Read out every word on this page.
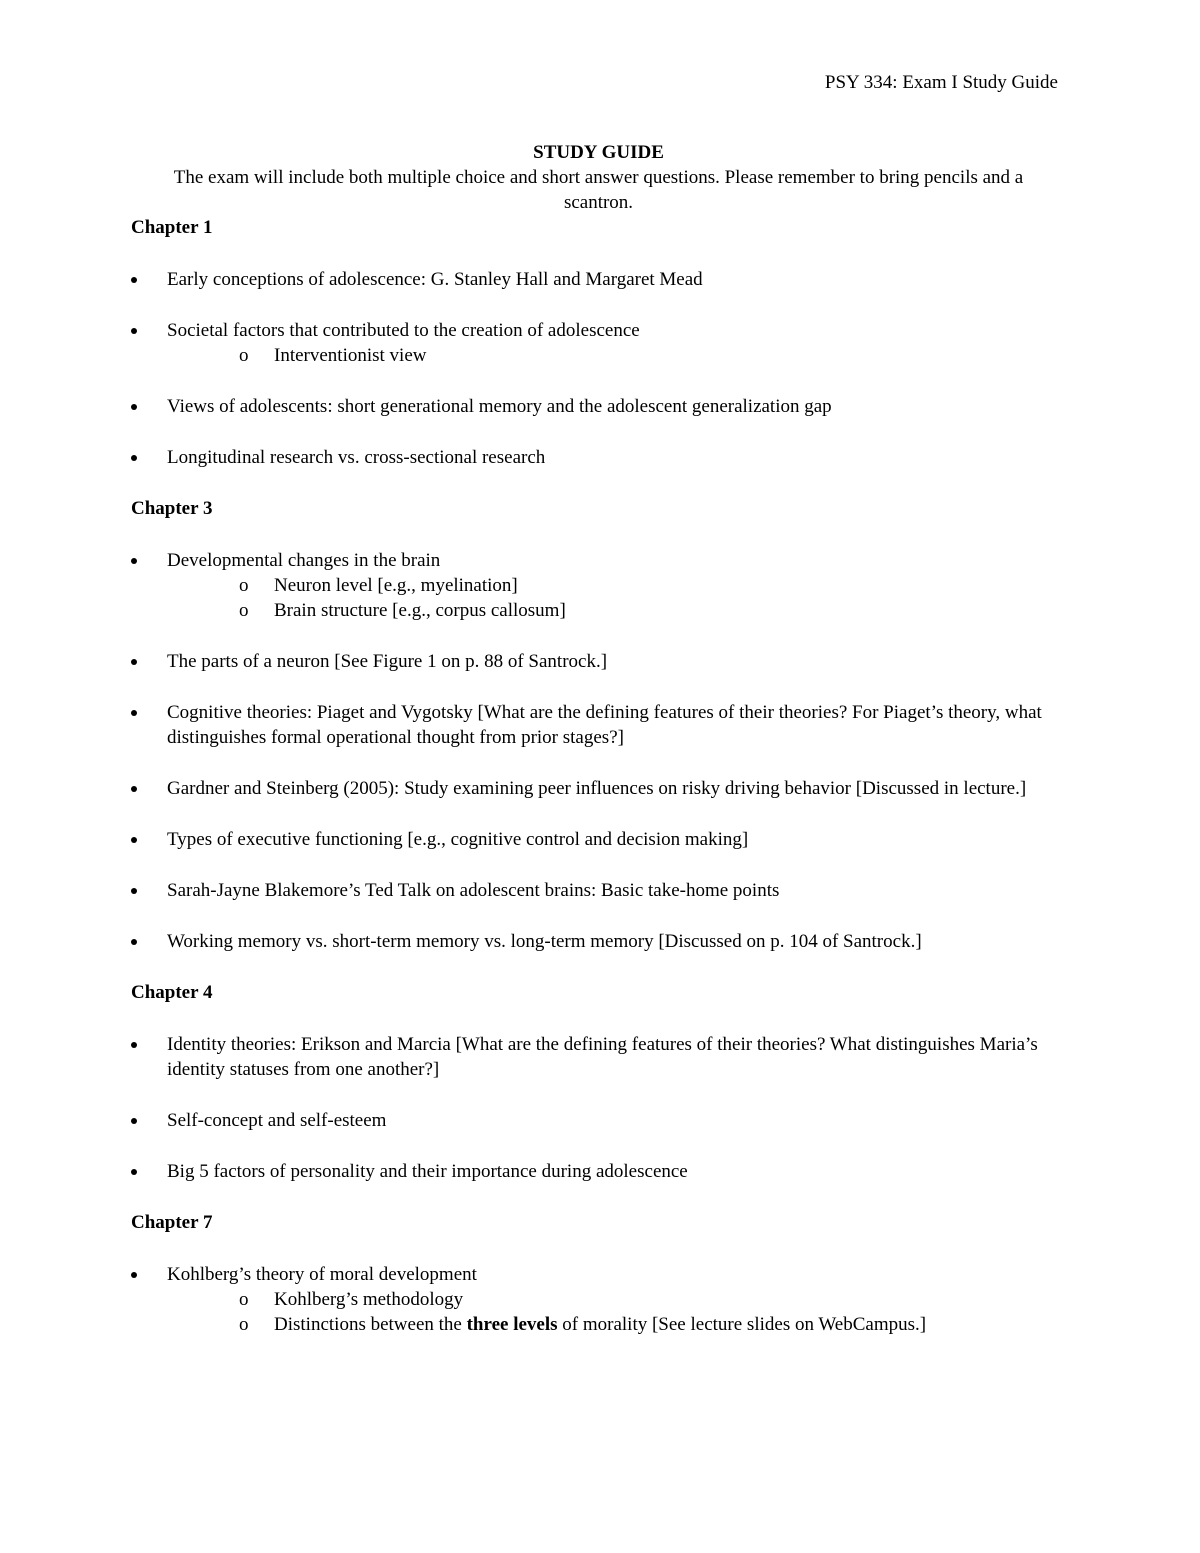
PSY 334: Exam I Study Guide

STUDY GUIDE

The exam will include both multiple choice and short answer questions. Please remember to bring pencils and a scantron.

Chapter 1

Early conceptions of adolescence: G. Stanley Hall and Margaret Mead
Societal factors that contributed to the creation of adolescence
o Interventionist view
Views of adolescents: short generational memory and the adolescent generalization gap
Longitudinal research vs. cross-sectional research

Chapter 3

Developmental changes in the brain
o Neuron level [e.g., myelination]
o Brain structure [e.g., corpus callosum]
The parts of a neuron [See Figure 1 on p. 88 of Santrock.]
Cognitive theories: Piaget and Vygotsky [What are the defining features of their theories? For Piaget’s theory, what distinguishes formal operational thought from prior stages?]
Gardner and Steinberg (2005): Study examining peer influences on risky driving behavior [Discussed in lecture.]
Types of executive functioning [e.g., cognitive control and decision making]
Sarah-Jayne Blakemore’s Ted Talk on adolescent brains: Basic take-home points
Working memory vs. short-term memory vs. long-term memory [Discussed on p. 104 of Santrock.]

Chapter 4

Identity theories: Erikson and Marcia [What are the defining features of their theories? What distinguishes Maria’s identity statuses from one another?]
Self-concept and self-esteem
Big 5 factors of personality and their importance during adolescence

Chapter 7

Kohlberg’s theory of moral development
o Kohlberg’s methodology
o Distinctions between the three levels of morality [See lecture slides on WebCampus.]
